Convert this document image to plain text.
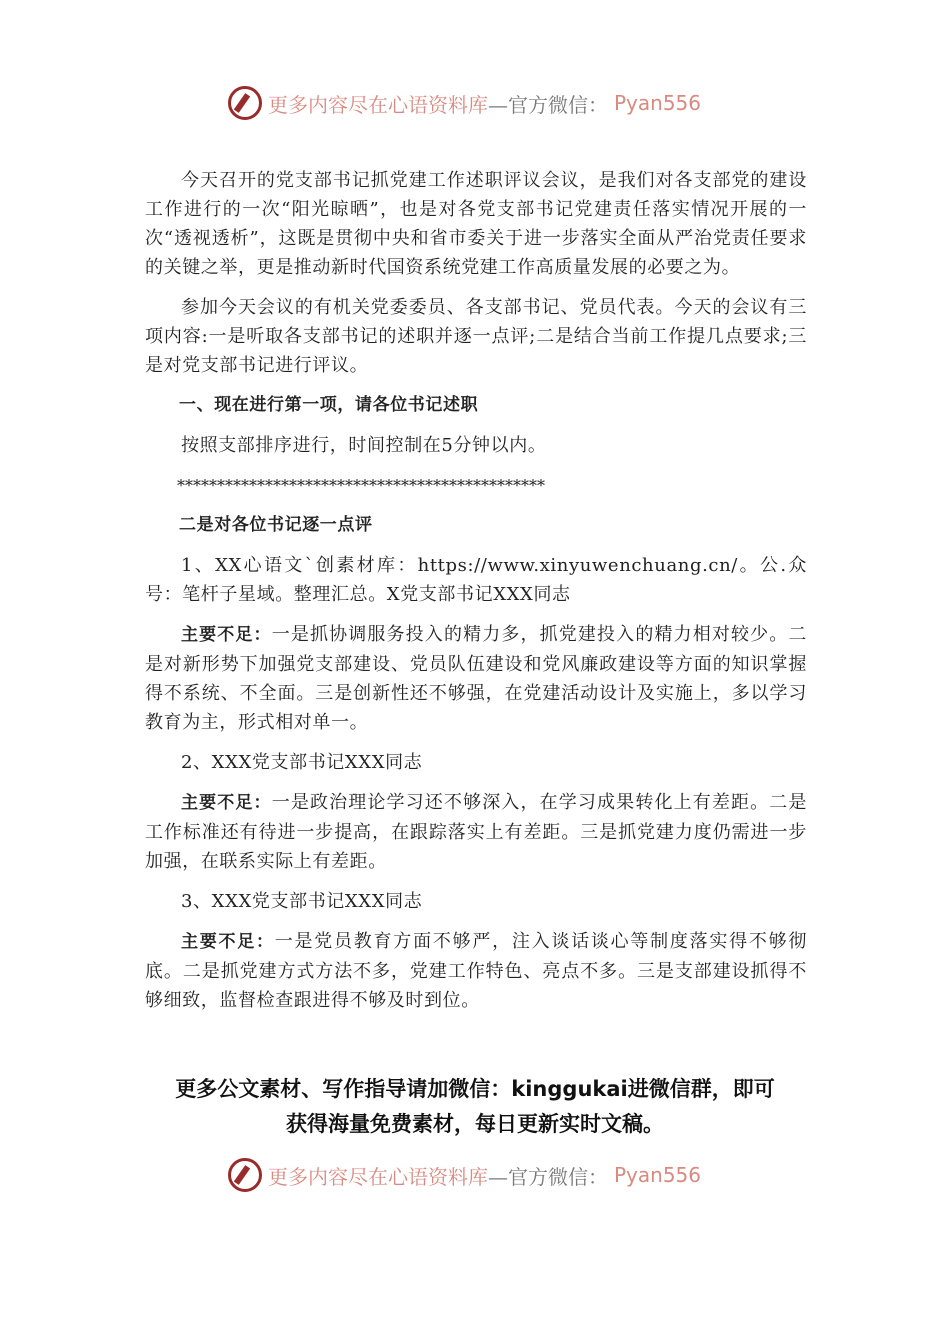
更多内容尽在心语资料库 —官方微信： Pyan556

今天召开的党支部书记抓党建工作述职评议会议，是我们对各支部党的建设工作进行的一次“阳光晾晒”，也是对各党支部书记党建责任落实情况开展的一次“透视透析”，这既是贯彻中央和省市委关于进一步落实全面从严治党责任要求的关键之举，更是推动新时代国资系统党建工作高质量发展的必要之为。

参加今天会议的有机关党委委员、各支部书记、党员代表。今天的会议有三项内容:一是听取各支部书记的述职并逐一点评;二是结合当前工作提几点要求;三是对党支部书记进行评议。

一、现在进行第一项，请各位书记述职

按照支部排序进行，时间控制在5分钟以内。

**********************************************

二是对各位书记逐一点评

1、XX心语文`创素材库：https://www.xinyuwenchuang.cn/。公.众号：笔杆子星域。整理汇总。X党支部书记XXX同志

主要不足：一是抓协调服务投入的精力多，抓党建投入的精力相对较少。二是对新形势下加强党支部建设、党员队伍建设和党风廉政建设等方面的知识掌握得不系统、不全面。三是创新性还不够强，在党建活动设计及实施上，多以学习教育为主，形式相对单一。

2、XXX党支部书记XXX同志

主要不足：一是政治理论学习还不够深入，在学习成果转化上有差距。二是工作标准还有待进一步提高，在跟踪落实上有差距。三是抓党建力度仍需进一步加强，在联系实际上有差距。

3、XXX党支部书记XXX同志

主要不足：一是党员教育方面不够严，注入谈话谈心等制度落实得不够彻底。二是抓党建方式方法不多，党建工作特色、亮点不多。三是支部建设抓得不够细致，监督检查跟进得不够及时到位。

更多公文素材、写作指导请加微信：kinggukai进微信群，即可
获得海量免费素材，每日更新实时文稿。
更多内容尽在心语资料库 —官方微信： Pyan556
